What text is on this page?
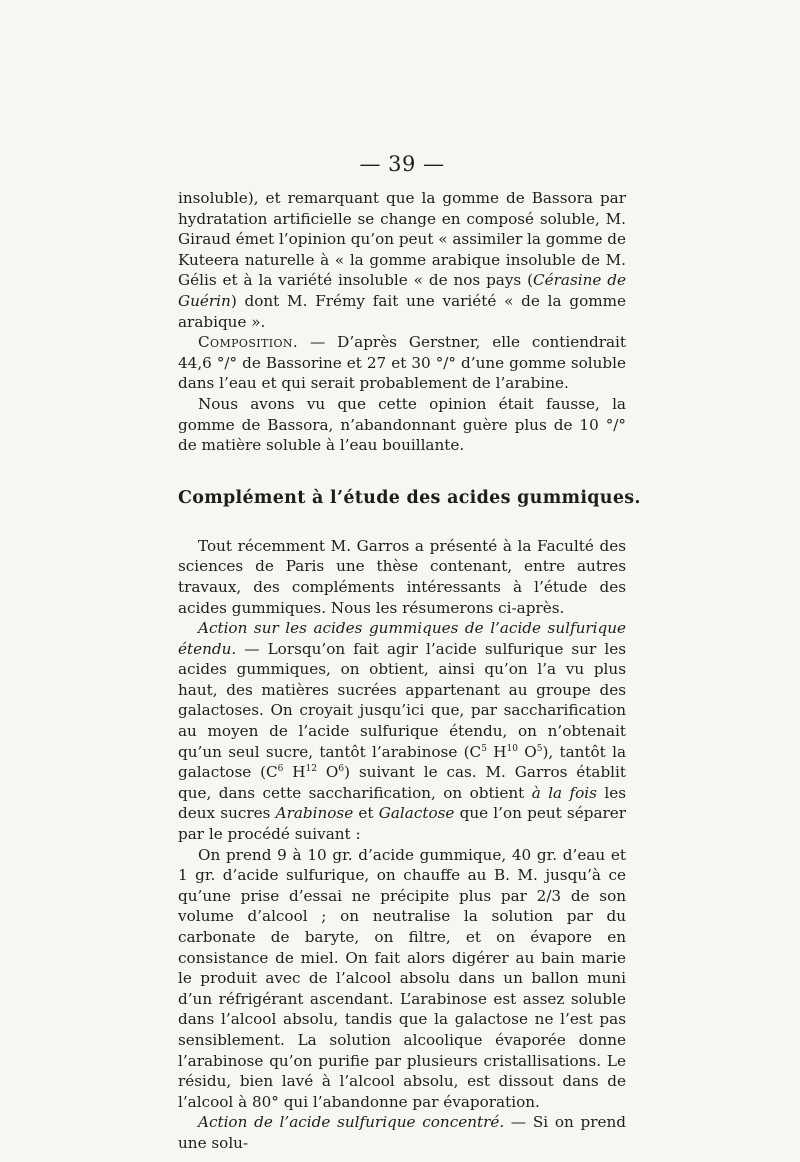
— 39 —

insoluble), et remarquant que la gomme de Bassora par hydratation artificielle se change en composé soluble, M. Giraud émet l’opinion qu’on peut « assimiler la gomme de Kuteera naturelle à « la gomme arabique insoluble de M. Gélis et à la variété insoluble « de nos pays (Cérasine de Guérin) dont M. Frémy fait une variété « de la gomme arabique ».

Composition. — D’après Gerstner, elle contiendrait 44,6 °/° de Bassorine et 27 et 30 °/° d’une gomme soluble dans l’eau et qui serait probablement de l’arabine.

Nous avons vu que cette opinion était fausse, la gomme de Bassora, n’abandonnant guère plus de 10 °/° de matière soluble à l’eau bouillante.

Complément à l’étude des acides gummiques.

Tout récemment M. Garros a présenté à la Faculté des sciences de Paris une thèse contenant, entre autres travaux, des compléments intéressants à l’étude des acides gummiques. Nous les résumerons ci-après.

Action sur les acides gummiques de l’acide sulfurique étendu. — Lorsqu’on fait agir l’acide sulfurique sur les acides gummiques, on obtient, ainsi qu’on l’a vu plus haut, des matières sucrées appartenant au groupe des galactoses. On croyait jusqu’ici que, par saccharification au moyen de l’acide sulfurique étendu, on n’obtenait qu’un seul sucre, tantôt l’arabinose ($C^5$ $H^{10}$ $O^5$), tantôt la galactose ($C^6$ $H^{12}$ $O^6$) suivant le cas. M. Garros établit que, dans cette saccharification, on obtient à la fois les deux sucres Arabinose et Galactose que l’on peut séparer par le procédé suivant :

On prend 9 à 10 gr. d’acide gummique, 40 gr. d’eau et 1 gr. d’acide sulfurique, on chauffe au B. M. jusqu’à ce qu’une prise d’essai ne précipite plus par 2/3 de son volume d’alcool ; on neutralise la solution par du carbonate de baryte, on filtre, et on évapore en consistance de miel. On fait alors digérer au bain marie le produit avec de l’alcool absolu dans un ballon muni d’un réfrigérant ascendant. L’arabinose est assez soluble dans l’alcool absolu, tandis que la galactose ne l’est pas sensiblement. La solution alcoolique évaporée donne l’arabinose qu’on purifie par plusieurs cristallisations. Le résidu, bien lavé à l’alcool absolu, est dissout dans de l’alcool à 80° qui l’abandonne par évaporation.

Action de l’acide sulfurique concentré. — Si on prend une solu-
